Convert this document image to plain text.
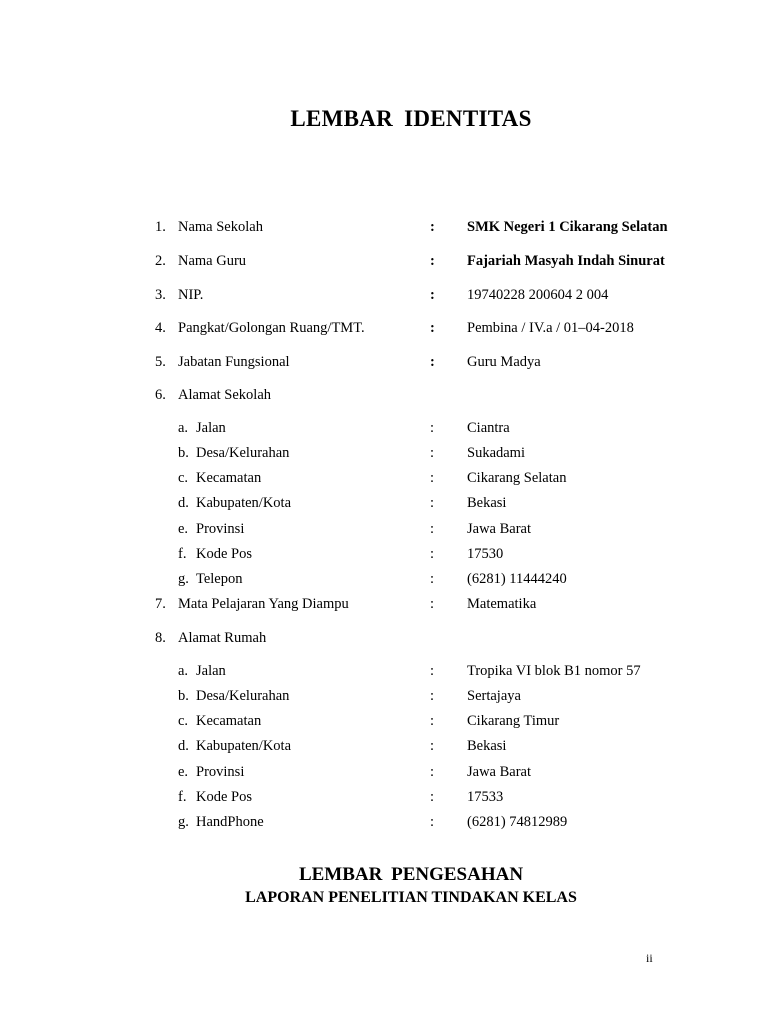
LEMBAR IDENTITAS
1. Nama Sekolah	: SMK Negeri 1 Cikarang Selatan
2. Nama Guru	: Fajariah Masyah Indah Sinurat
3. NIP.	: 19740228 200604 2 004
4. Pangkat/Golongan Ruang/TMT.	: Pembina / IV.a / 01–04-2018
5. Jabatan Fungsional	: Guru Madya
6. Alamat Sekolah
a. Jalan	: Ciantra
b. Desa/Kelurahan	: Sukadami
c. Kecamatan	: Cikarang Selatan
d. Kabupaten/Kota	: Bekasi
e. Provinsi	: Jawa Barat
f. Kode Pos	: 17530
g. Telepon	: (6281) 11444240
7. Mata Pelajaran Yang Diampu	: Matematika
8. Alamat Rumah
a. Jalan	: Tropika VI blok B1 nomor 57
b. Desa/Kelurahan	: Sertajaya
c. Kecamatan	: Cikarang Timur
d. Kabupaten/Kota	: Bekasi
e. Provinsi	: Jawa Barat
f. Kode Pos	: 17533
g. HandPhone	: (6281) 74812989
LEMBAR PENGESAHAN
LAPORAN PENELITIAN TINDAKAN KELAS
ii
